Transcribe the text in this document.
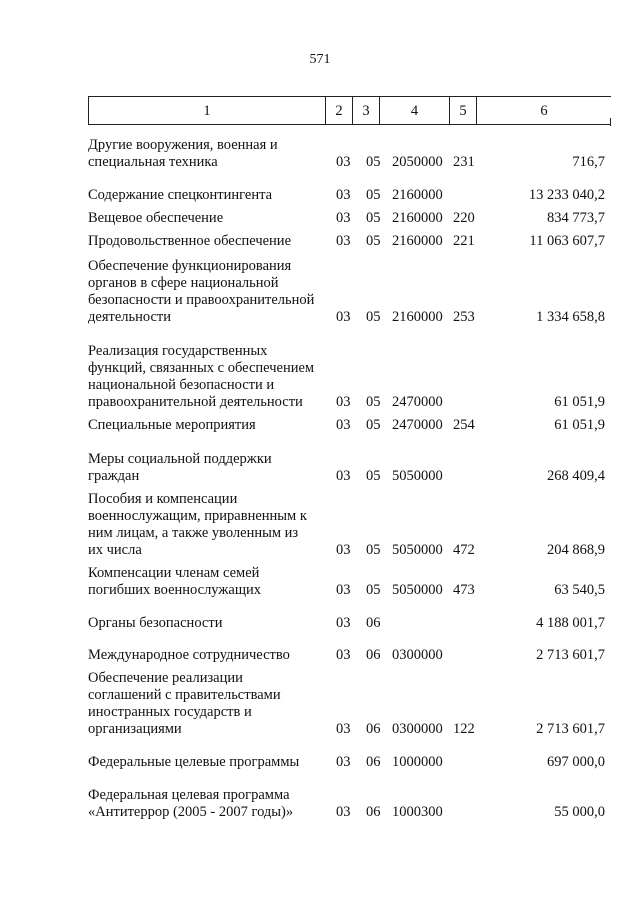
571
1	2	3	4	5	6
Другие вооружения, военная и
специальная техника	03 05 2050000 231	716,7
Содержание спецконтингента	03 05 2160000	13 233 040,2
Вещевое обеспечение	03 05 2160000 220	834 773,7
Продовольственное обеспечение	03 05 2160000 221	11 063 607,7
Обеспечение функционирования
органов в сфере национальной
безопасности и правоохранительной
деятельности	03 05 2160000 253	1 334 658,8
Реализация государственных
функций, связанных с обеспечением
национальной безопасности и
правоохранительной деятельности	03 05 2470000	61 051,9
Специальные мероприятия	03 05 2470000 254	61 051,9
Меры социальной поддержки
граждан	03 05 5050000	268 409,4
Пособия и компенсации
военнослужащим, приравненным к
ним лицам, а также уволенным из
их числа	03 05 5050000 472	204 868,9
Компенсации членам семей
погибших военнослужащих	03 05 5050000 473	63 540,5
Органы безопасности	03 06	4 188 001,7
Международное сотрудничество	03 06 0300000	2 713 601,7
Обеспечение реализации
соглашений с правительствами
иностранных государств и
организациями	03 06 0300000 122	2 713 601,7
Федеральные целевые программы	03 06 1000000	697 000,0
Федеральная целевая программа
«Антитеррор (2005 - 2007 годы)»	03 06 1000300	55 000,0
